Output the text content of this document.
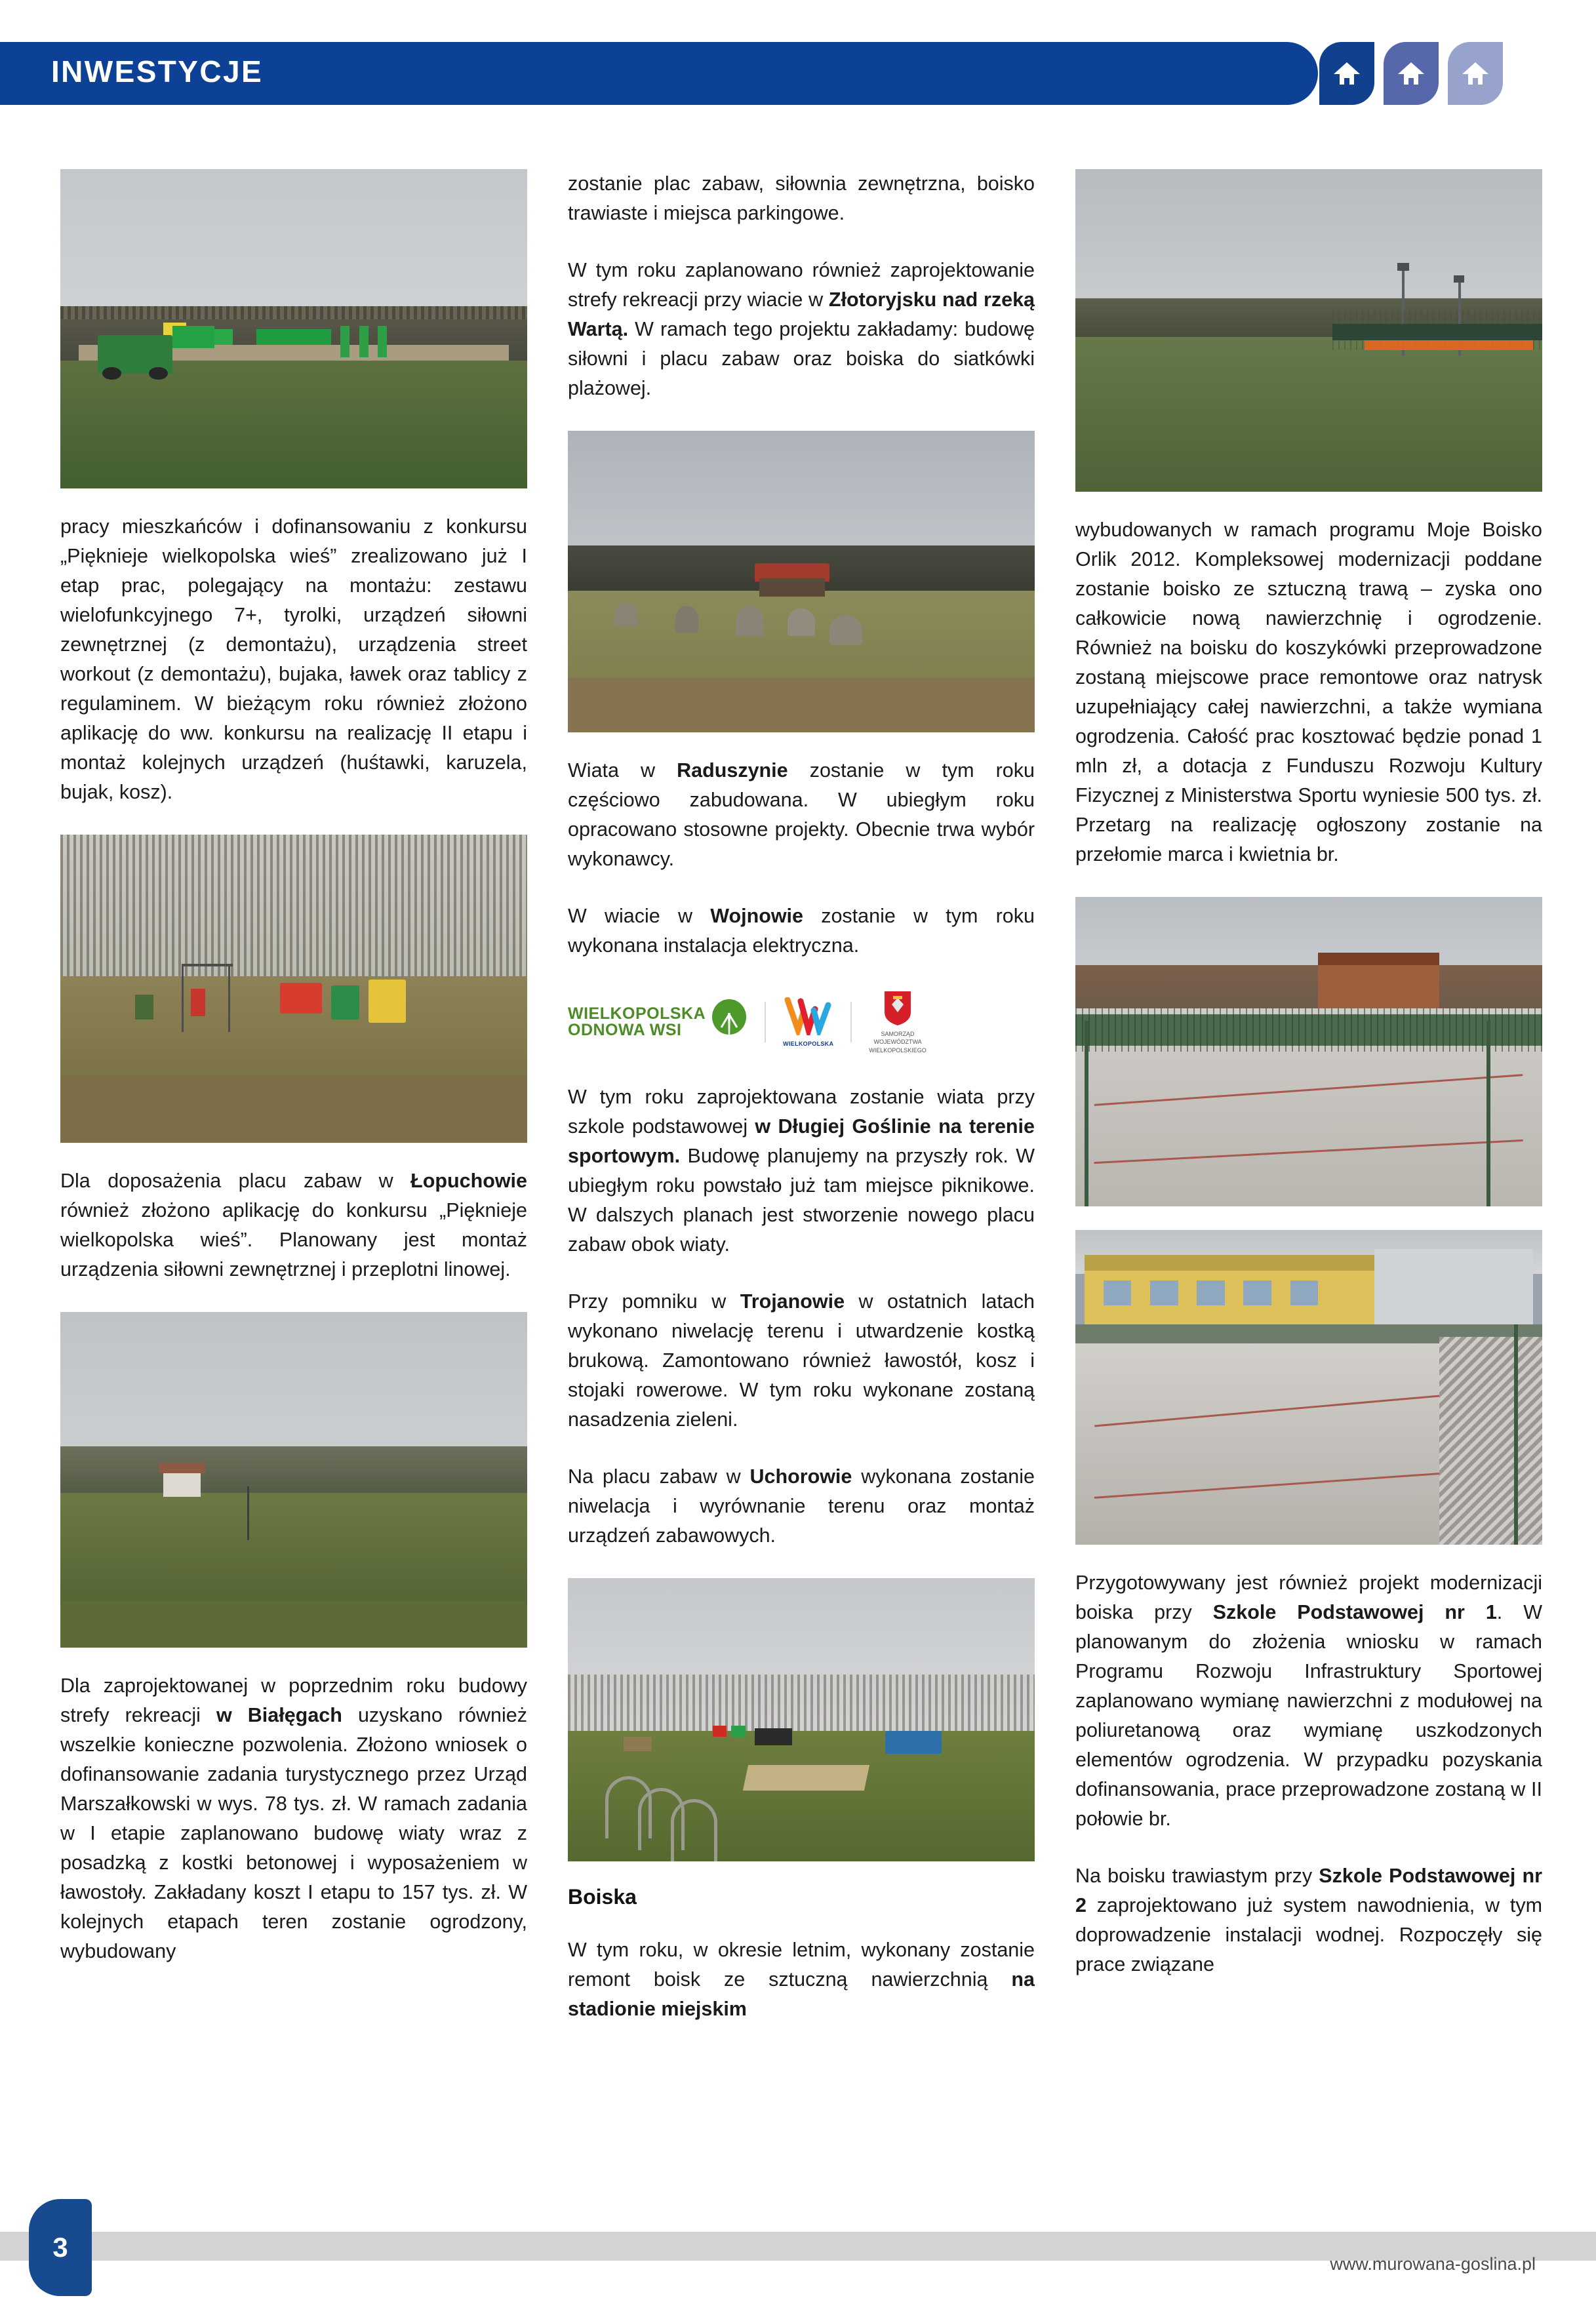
INWESTYCJE

pracy mieszkańców i dofinansowaniu z konkursu „Pięknieje wielkopolska wieś” zrealizowano już I etap prac, polegający na montażu: zestawu wielofunkcyjnego 7+, tyrolki, urządzeń siłowni zewnętrznej (z demontażu), urządzenia street workout (z demontażu), bujaka, ławek oraz tablicy z regulaminem. W bieżącym roku również złożono aplikację do ww. konkursu na realizację II etapu i montaż kolejnych urządzeń (huśtawki, karuzela, bujak, kosz).

Dla doposażenia placu zabaw w Łopuchowie również złożono aplikację do konkursu „Pięknieje wielkopolska wieś”. Planowany jest montaż urządzenia siłowni zewnętrznej i przeplotni linowej.

Dla zaprojektowanej w poprzednim roku budowy strefy rekreacji w Białęgach uzyskano również wszelkie konieczne pozwolenia. Złożono wniosek o dofinansowanie zadania turystycznego przez Urząd Marszałkowski w wys. 78 tys. zł. W ramach zadania w I etapie zaplanowano budowę wiaty wraz z posadzką z kostki betonowej i wyposażeniem w ławostoły. Zakładany koszt I etapu to 157 tys. zł. W kolejnych etapach teren zostanie ogrodzony, wybudowany

zostanie plac zabaw, siłownia zewnętrzna, boisko trawiaste i miejsca parkingowe.

W tym roku zaplanowano również zaprojektowanie strefy rekreacji przy wiacie w Złotoryjsku nad rzeką Wartą. W ramach tego projektu zakładamy: budowę siłowni i placu zabaw oraz boiska do siatkówki plażowej.

Wiata w Raduszynie zostanie w tym roku częściowo zabudowana. W ubiegłym roku opracowano stosowne projekty. Obecnie trwa wybór wykonawcy.

W wiacie w Wojnowie zostanie w tym roku wykonana instalacja elektryczna.

WIELKOPOLSKA
ODNOWA WSI
WIELKOPOLSKA
SAMORZĄD
WOJEWÓDZTWA
WIELKOPOLSKIEGO

W tym roku zaprojektowana zostanie wiata przy szkole podstawowej w Długiej Goślinie na terenie sportowym. Budowę planujemy na przyszły rok. W ubiegłym roku powstało już tam miejsce piknikowe. W dalszych planach jest stworzenie nowego placu zabaw obok wiaty.

Przy pomniku w Trojanowie w ostatnich latach wykonano niwelację terenu i utwardzenie kostką brukową. Zamontowano również ławostół, kosz i stojaki rowerowe. W tym roku wykonane zostaną nasadzenia zieleni.

Na placu zabaw w Uchorowie wykonana zostanie niwelacja i wyrównanie terenu oraz montaż urządzeń zabawowych.

Boiska

W tym roku, w okresie letnim, wykonany zostanie remont boisk ze sztuczną nawierzchnią na stadionie miejskim

wybudowanych w ramach programu Moje Boisko Orlik 2012. Kompleksowej modernizacji poddane zostanie boisko ze sztuczną trawą – zyska ono całkowicie nową nawierzchnię i ogrodzenie. Również na boisku do koszykówki przeprowadzone zostaną miejscowe prace remontowe oraz natrysk uzupełniający całej nawierzchni, a także wymiana ogrodzenia. Całość prac kosztować będzie ponad 1 mln zł, a dotacja z Funduszu Rozwoju Kultury Fizycznej z Ministerstwa Sportu wyniesie 500 tys. zł. Przetarg na realizację ogłoszony zostanie na przełomie marca i kwietnia br.

Przygotowywany jest również projekt modernizacji boiska przy Szkole Podstawowej nr 1. W planowanym do złożenia wniosku w ramach Programu Rozwoju Infrastruktury Sportowej zaplanowano wymianę nawierzchni z modułowej na poliuretanową oraz wymianę uszkodzonych elementów ogrodzenia. W przypadku pozyskania dofinansowania, prace przeprowadzone zostaną w II połowie br.

Na boisku trawiastym przy Szkole Podstawowej nr 2 zaprojektowano już system nawodnienia, w tym doprowadzenie instalacji wodnej. Rozpoczęły się prace związane

3
www.murowana-goslina.pl
